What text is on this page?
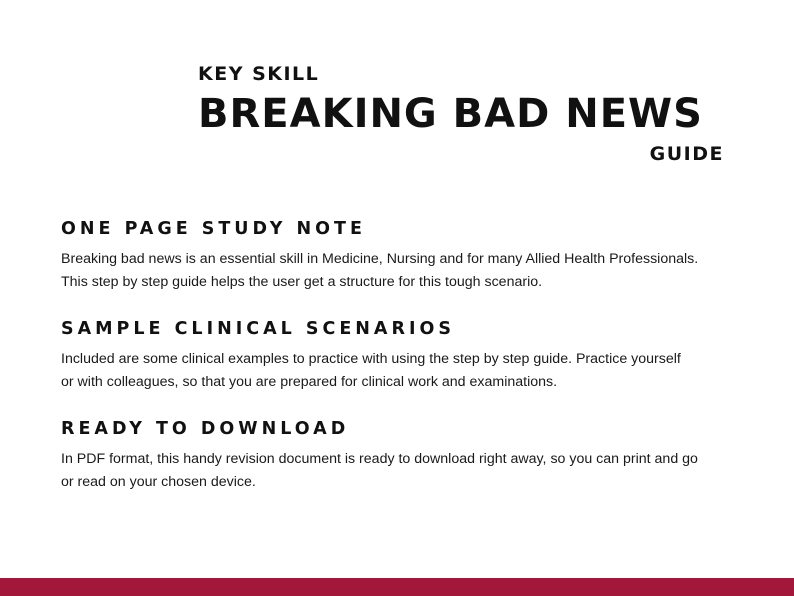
KEY SKILL

BREAKING BAD NEWS

GUIDE

ONE PAGE STUDY NOTE

Breaking bad news is an essential skill in Medicine, Nursing and for many Allied Health Professionals.
This step by step guide helps the user get a structure for this tough scenario.

SAMPLE CLINICAL SCENARIOS

Included are some clinical examples to practice with using the step by step guide. Practice yourself
or with colleagues, so that you are prepared for clinical work and examinations.

READY TO DOWNLOAD

In PDF format, this handy revision document is ready to download right away, so you can print and go
or read on your chosen device.
